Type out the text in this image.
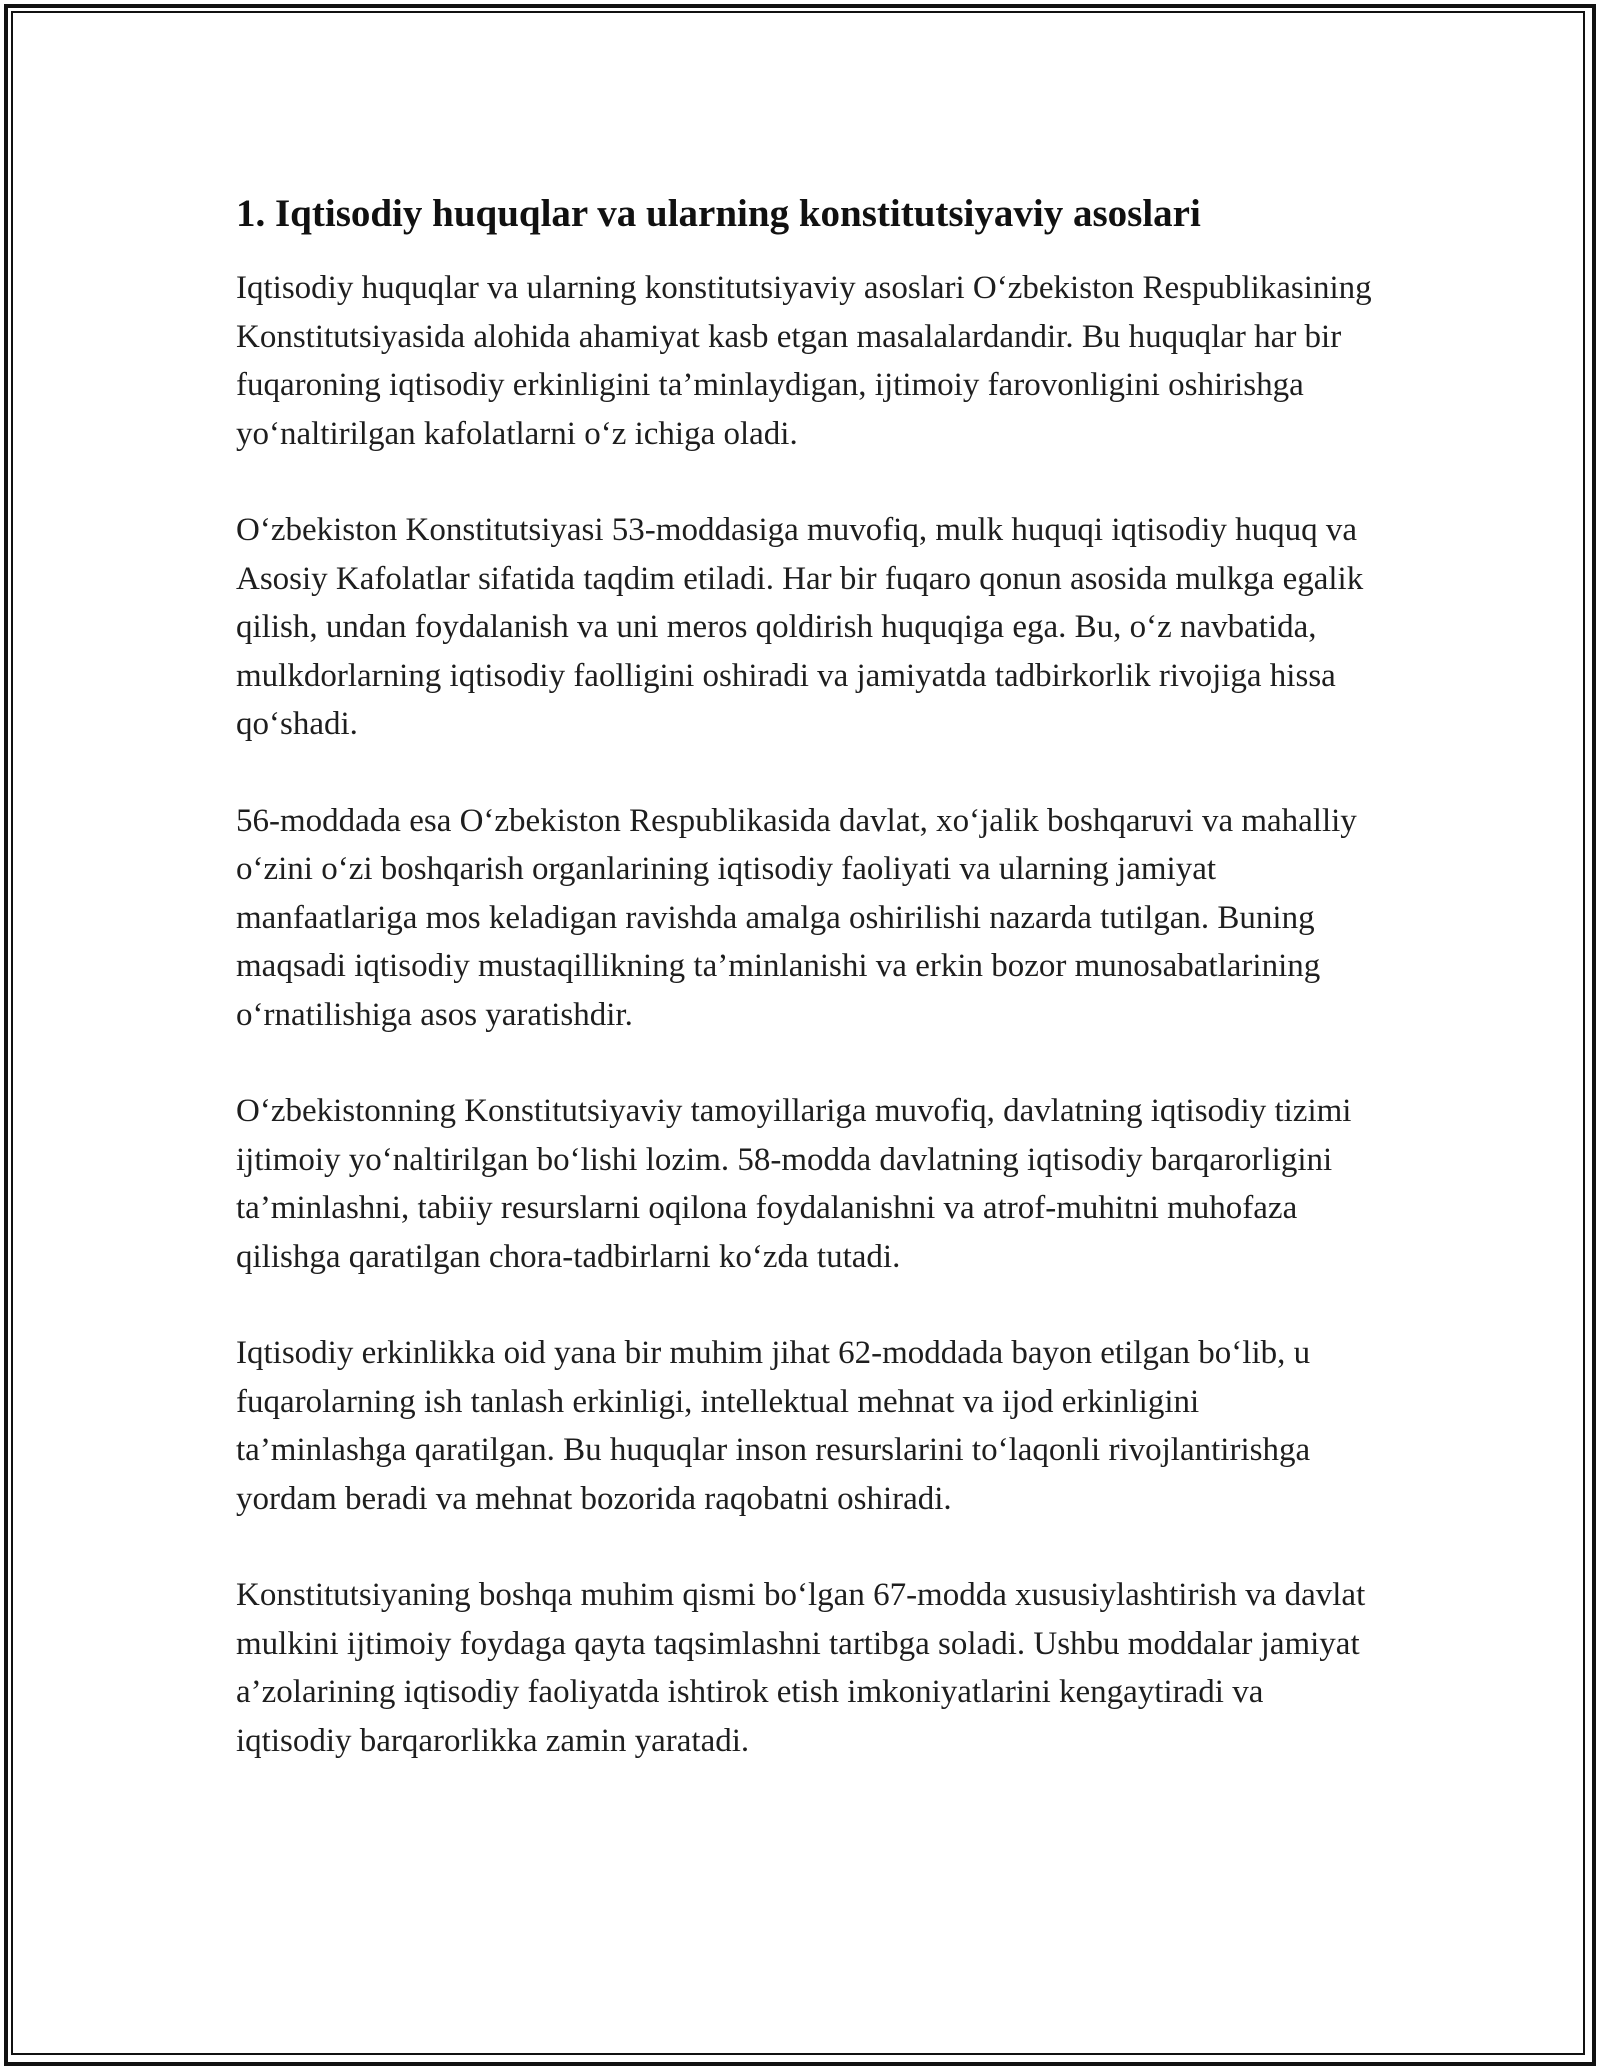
1. Iqtisodiy huquqlar va ularning konstitutsiyaviy asoslari

Iqtisodiy huquqlar va ularning konstitutsiyaviy asoslari O‘zbekiston Respublikasining Konstitutsiyasida alohida ahamiyat kasb etgan masalalardandir. Bu huquqlar har bir fuqaroning iqtisodiy erkinligini ta’minlaydigan, ijtimoiy farovonligini oshirishga yo‘naltirilgan kafolatlarni o‘z ichiga oladi.

O‘zbekiston Konstitutsiyasi 53-moddasiga muvofiq, mulk huquqi iqtisodiy huquq va Asosiy Kafolatlar sifatida taqdim etiladi. Har bir fuqaro qonun asosida mulkga egalik qilish, undan foydalanish va uni meros qoldirish huquqiga ega. Bu, o‘z navbatida, mulkdorlarning iqtisodiy faolligini oshiradi va jamiyatda tadbirkorlik rivojiga hissa qo‘shadi.

56-moddada esa O‘zbekiston Respublikasida davlat, xo‘jalik boshqaruvi va mahalliy o‘zini o‘zi boshqarish organlarining iqtisodiy faoliyati va ularning jamiyat manfaatlariga mos keladigan ravishda amalga oshirilishi nazarda tutilgan. Buning maqsadi iqtisodiy mustaqillikning ta’minlanishi va erkin bozor munosabatlarining o‘rnatilishiga asos yaratishdir.

O‘zbekistonning Konstitutsiyaviy tamoyillariga muvofiq, davlatning iqtisodiy tizimi ijtimoiy yo‘naltirilgan bo‘lishi lozim. 58-modda davlatning iqtisodiy barqarorligini ta’minlashni, tabiiy resurslarni oqilona foydalanishni va atrof-muhitni muhofaza qilishga qaratilgan chora-tadbirlarni ko‘zda tutadi.

Iqtisodiy erkinlikka oid yana bir muhim jihat 62-moddada bayon etilgan bo‘lib, u fuqarolarning ish tanlash erkinligi, intellektual mehnat va ijod erkinligini ta’minlashga qaratilgan. Bu huquqlar inson resurslarini to‘laqonli rivojlantirishga yordam beradi va mehnat bozorida raqobatni oshiradi.

Konstitutsiyaning boshqa muhim qismi bo‘lgan 67-modda xususiylashtirish va davlat mulkini ijtimoiy foydaga qayta taqsimlashni tartibga soladi. Ushbu moddalar jamiyat a’zolarining iqtisodiy faoliyatda ishtirok etish imkoniyatlarini kengaytiradi va iqtisodiy barqarorlikka zamin yaratadi.
